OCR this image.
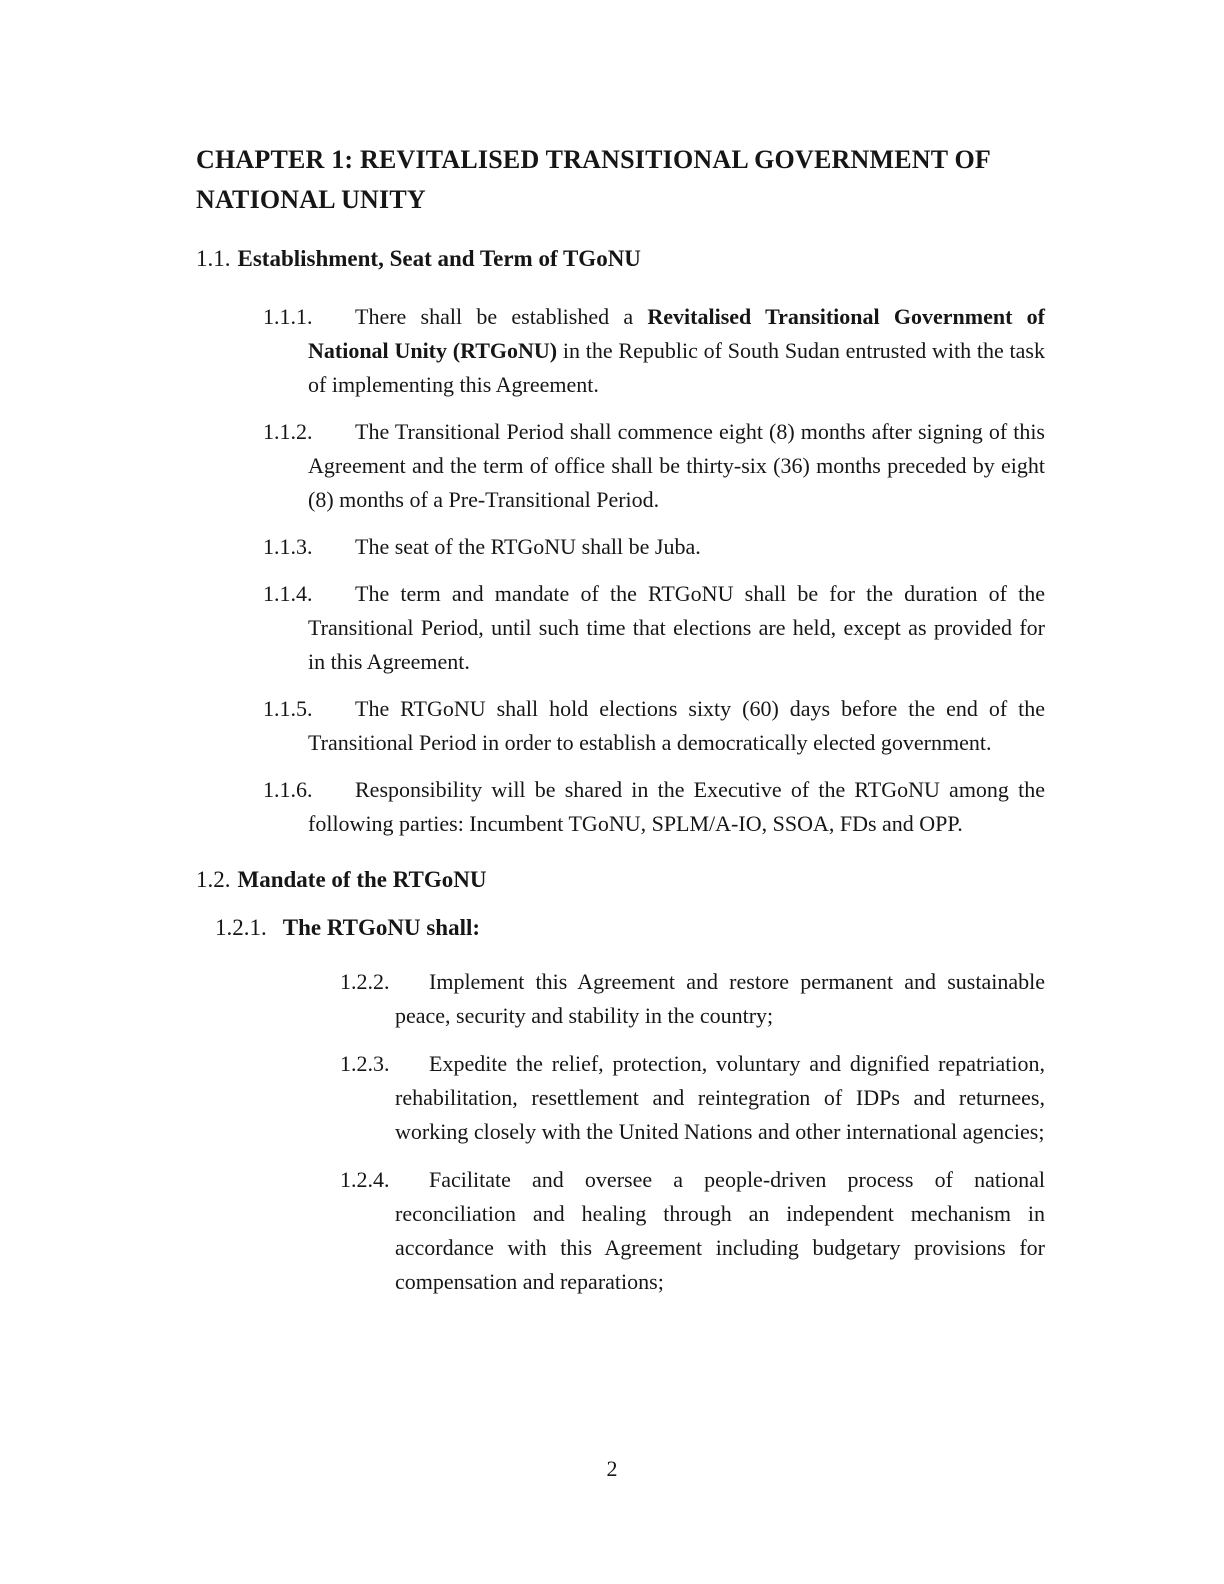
CHAPTER 1: REVITALISED TRANSITIONAL GOVERNMENT OF NATIONAL UNITY
1.1. Establishment, Seat and Term of TGoNU

1.1.1. There shall be established a Revitalised Transitional Government of National Unity (RTGoNU) in the Republic of South Sudan entrusted with the task of implementing this Agreement.

1.1.2. The Transitional Period shall commence eight (8) months after signing of this Agreement and the term of office shall be thirty-six (36) months preceded by eight (8) months of a Pre-Transitional Period.

1.1.3. The seat of the RTGoNU shall be Juba.

1.1.4. The term and mandate of the RTGoNU shall be for the duration of the Transitional Period, until such time that elections are held, except as provided for in this Agreement.

1.1.5. The RTGoNU shall hold elections sixty (60) days before the end of the Transitional Period in order to establish a democratically elected government.

1.1.6. Responsibility will be shared in the Executive of the RTGoNU among the following parties: Incumbent TGoNU, SPLM/A-IO, SSOA, FDs and OPP.

1.2. Mandate of the RTGoNU
1.2.1. The RTGoNU shall:

1.2.2. Implement this Agreement and restore permanent and sustainable peace, security and stability in the country;

1.2.3. Expedite the relief, protection, voluntary and dignified repatriation, rehabilitation, resettlement and reintegration of IDPs and returnees, working closely with the United Nations and other international agencies;

1.2.4. Facilitate and oversee a people-driven process of national reconciliation and healing through an independent mechanism in accordance with this Agreement including budgetary provisions for compensation and reparations;

2
